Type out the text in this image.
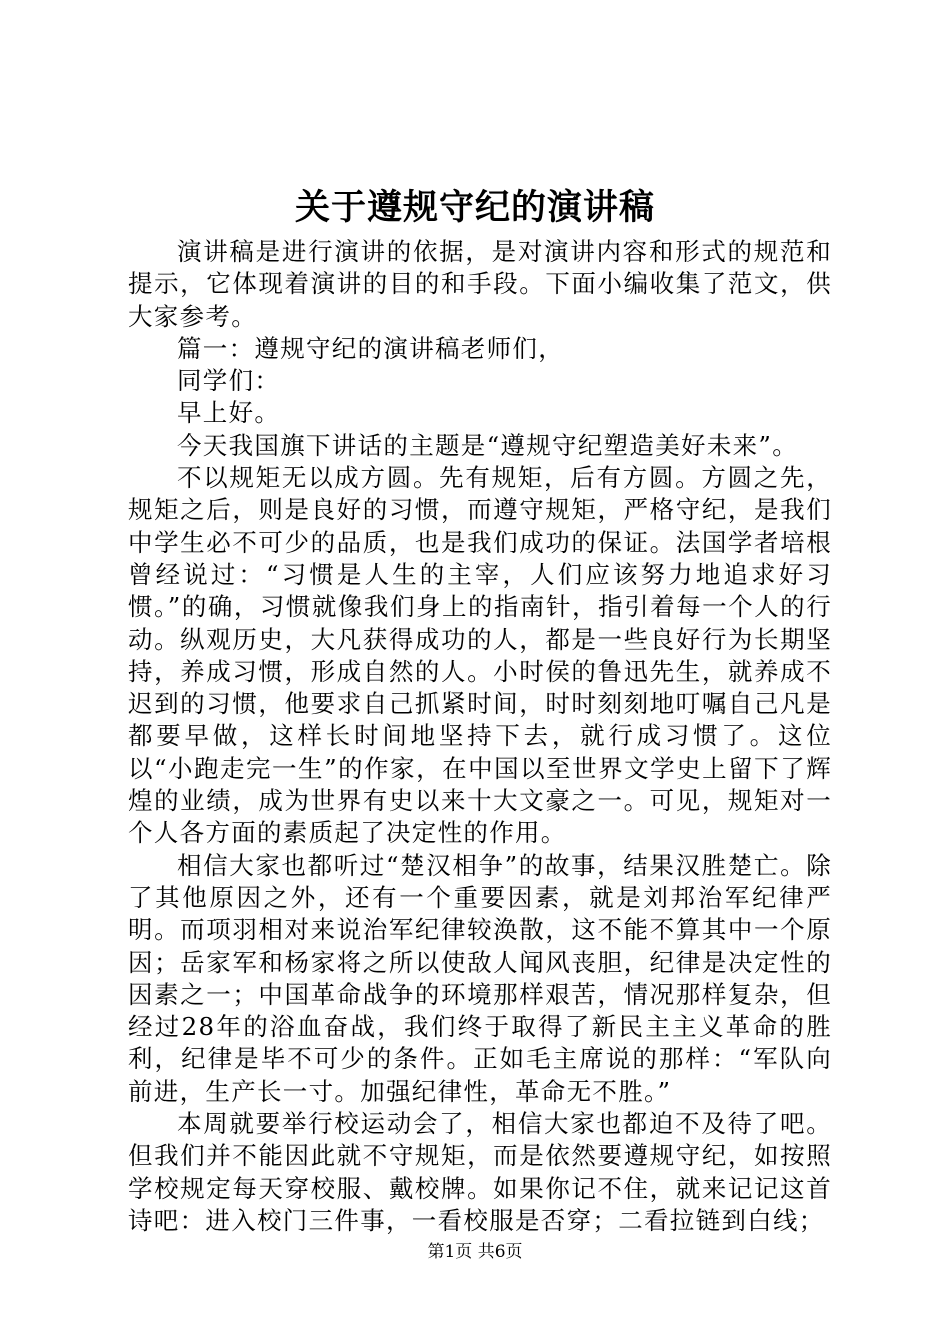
关于遵规守纪的演讲稿

演讲稿是进行演讲的依据，是对演讲内容和形式的规范和提示，它体现着演讲的目的和手段。下面小编收集了范文，供大家参考。

篇一：遵规守纪的演讲稿老师们，

同学们：

早上好。

今天我国旗下讲话的主题是“遵规守纪塑造美好未来”。

不以规矩无以成方圆。先有规矩，后有方圆。方圆之先，规矩之后，则是良好的习惯，而遵守规矩，严格守纪，是我们中学生必不可少的品质，也是我们成功的保证。法国学者培根曾经说过：“习惯是人生的主宰，人们应该努力地追求好习惯。”的确，习惯就像我们身上的指南针，指引着每一个人的行动。纵观历史，大凡获得成功的人，都是一些良好行为长期坚持，养成习惯，形成自然的人。小时侯的鲁迅先生，就养成不迟到的习惯，他要求自己抓紧时间，时时刻刻地叮嘱自己凡是都要早做，这样长时间地坚持下去，就行成习惯了。这位以“小跑走完一生”的作家，在中国以至世界文学史上留下了辉煌的业绩，成为世界有史以来十大文豪之一。可见，规矩对一个人各方面的素质起了决定性的作用。

相信大家也都听过“楚汉相争”的故事，结果汉胜楚亡。除了其他原因之外，还有一个重要因素，就是刘邦治军纪律严明。而项羽相对来说治军纪律较涣散，这不能不算其中一个原因；岳家军和杨家将之所以使敌人闻风丧胆，纪律是决定性的因素之一；中国革命战争的环境那样艰苦，情况那样复杂，但经过28年的浴血奋战，我们终于取得了新民主主义革命的胜利，纪律是毕不可少的条件。正如毛主席说的那样：“军队向前进，生产长一寸。加强纪律性，革命无不胜。”

本周就要举行校运动会了，相信大家也都迫不及待了吧。但我们并不能因此就不守规矩，而是依然要遵规守纪，如按照学校规定每天穿校服、戴校牌。如果你记不住，就来记记这首诗吧：进入校门三件事，一看校服是否穿；二看拉链到白线；

第1页 共6页
